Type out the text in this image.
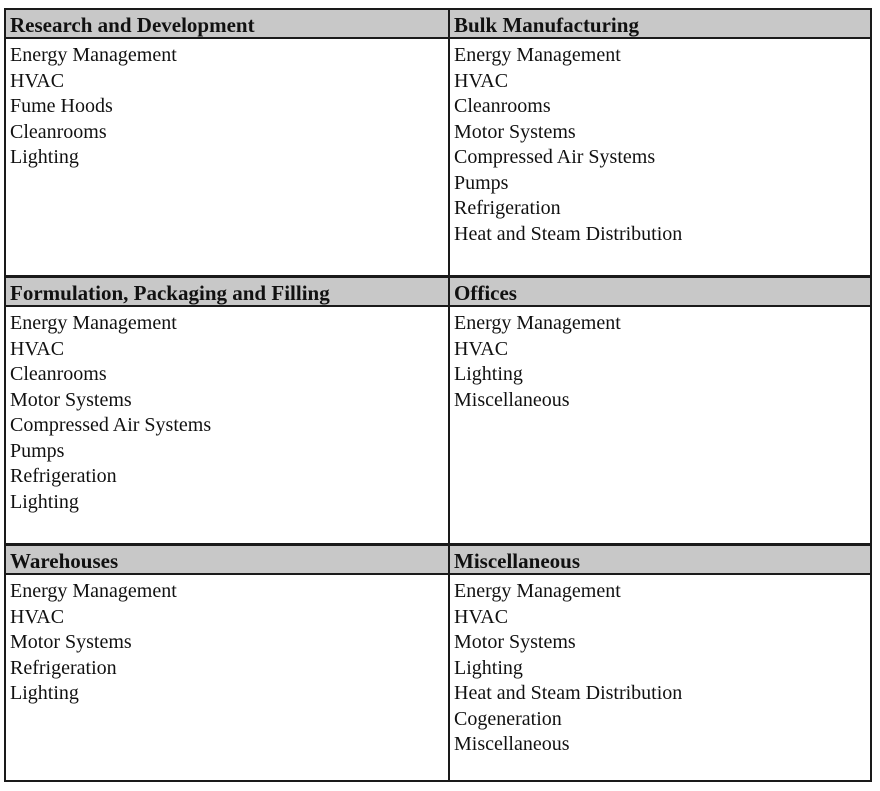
Research and Development
Energy Management
HVAC
Fume Hoods
Cleanrooms
Lighting
Bulk Manufacturing
Energy Management
HVAC
Cleanrooms
Motor Systems
Compressed Air Systems
Pumps
Refrigeration
Heat and Steam Distribution
Formulation, Packaging and Filling
Energy Management
HVAC
Cleanrooms
Motor Systems
Compressed Air Systems
Pumps
Refrigeration
Lighting
Offices
Energy Management
HVAC
Lighting
Miscellaneous
Warehouses
Energy Management
HVAC
Motor Systems
Refrigeration
Lighting
Miscellaneous
Energy Management
HVAC
Motor Systems
Lighting
Heat and Steam Distribution
Cogeneration
Miscellaneous
